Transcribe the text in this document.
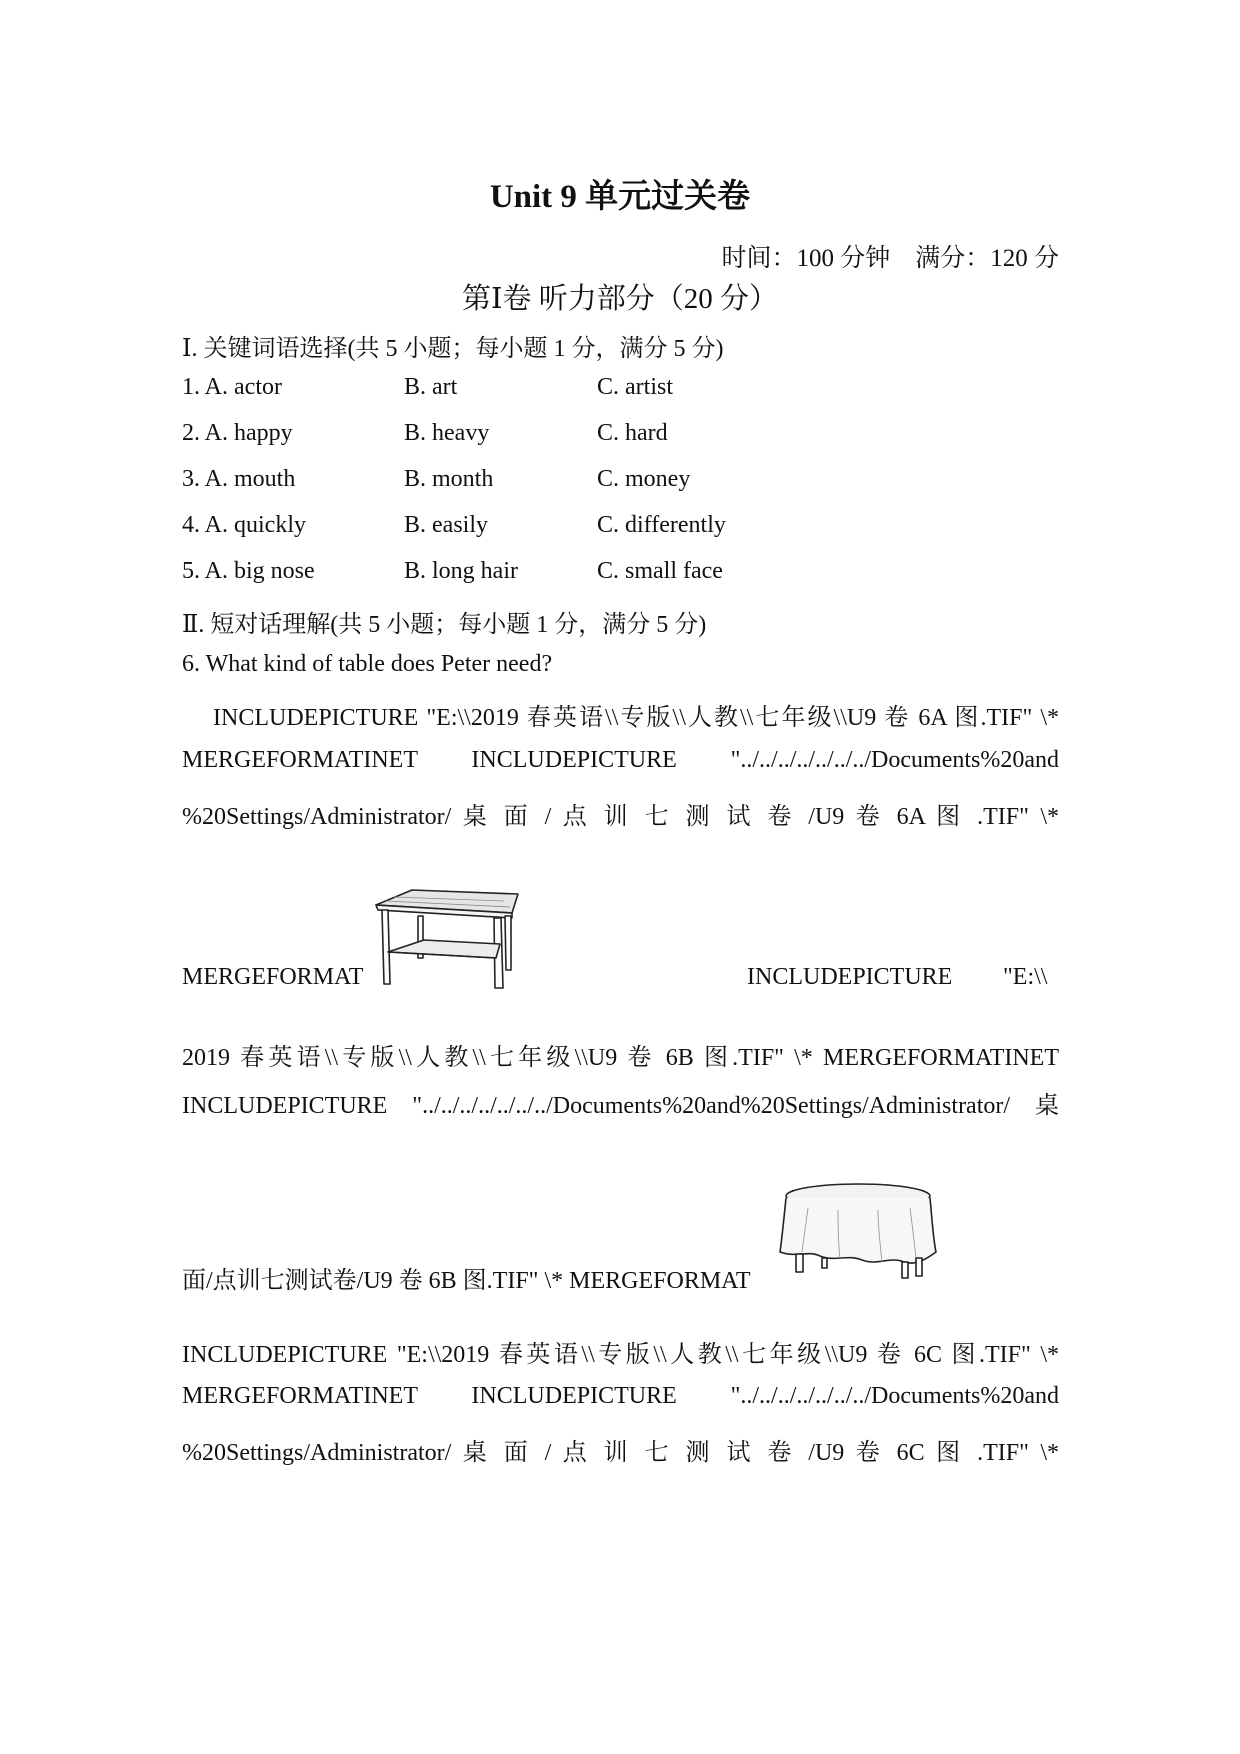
Unit 9 单元过关卷
时间：100 分钟　满分：120 分
第Ⅰ卷 听力部分（20 分）
Ⅰ. 关键词语选择(共 5 小题；每小题 1 分，满分 5 分)
1. A. actor	B. art	C. artist
2. A. happy	B. heavy	C. hard
3. A. mouth	B. month	C. money
4. A. quickly	B. easily	C. differently
5. A. big nose	B. long hair	C. small face
Ⅱ. 短对话理解(共 5 小题；每小题 1 分，满分 5 分)
6. What kind of table does Peter need?
INCLUDEPICTURE "E:\\2019 春英语\\专版\\人教\\七年级\\U9 卷 6A 图.TIF" \*
MERGEFORMATINET INCLUDEPICTURE "../../../../../../../Documents%20and
%20Settings/Administrator/ 桌 面 / 点 训 七 测 试 卷 /U9 卷 6A 图 .TIF" \*
MERGEFORMAT	INCLUDEPICTURE "E:\\
2019 春英语\\专版\\人教\\七年级\\U9 卷 6B 图.TIF" \* MERGEFORMATINET
INCLUDEPICTURE "../../../../../../../Documents%20and%20Settings/Administrator/ 桌
面/点训七测试卷/U9 卷 6B 图.TIF" \* MERGEFORMAT
INCLUDEPICTURE "E:\\2019 春英语\\专版\\人教\\七年级\\U9 卷 6C 图.TIF" \*
MERGEFORMATINET INCLUDEPICTURE "../../../../../../../Documents%20and
%20Settings/Administrator/ 桌 面 / 点 训 七 测 试 卷 /U9 卷 6C 图 .TIF" \*
